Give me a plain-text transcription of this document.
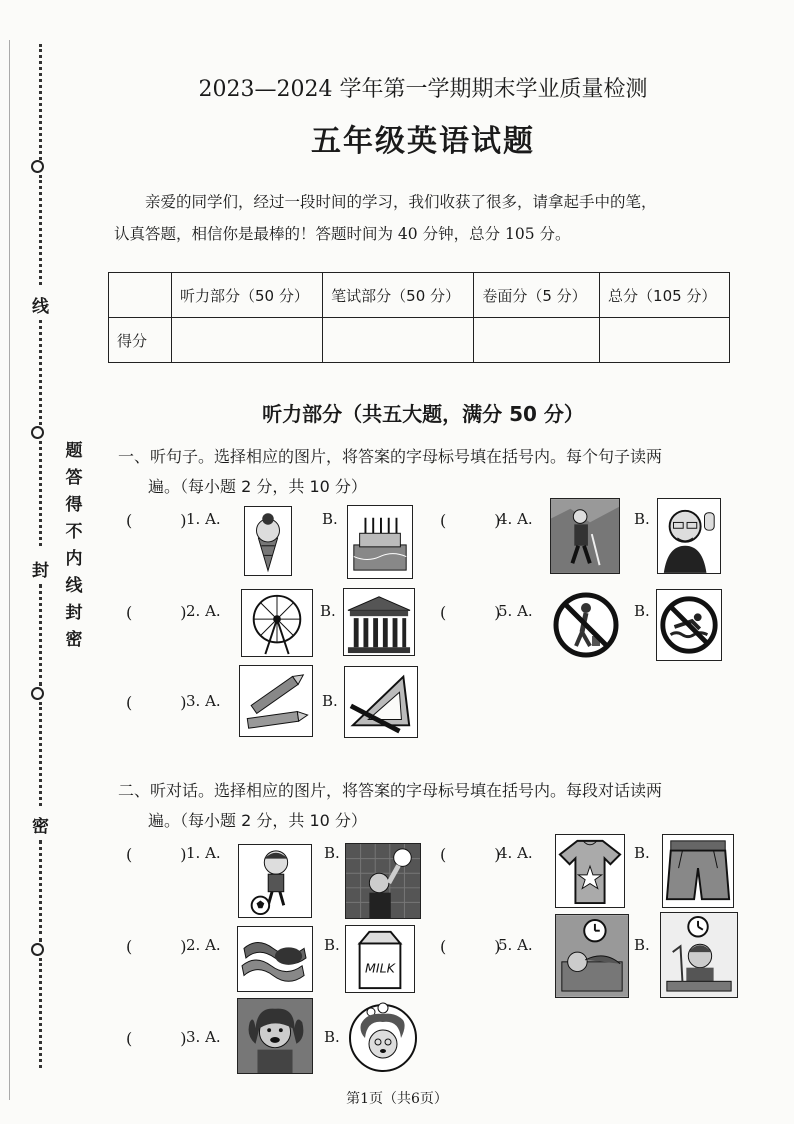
线
封
密
题
答
得
不
内
线
封
密
2023—2024 学年第一学期期末学业质量检测
五年级英语试题
亲爱的同学们，经过一段时间的学习，我们收获了很多，请拿起手中的笔，
认真答题，相信你是最棒的！答题时间为 40 分钟，总分 105 分。
	听力部分（50 分）	笔试部分（50 分）	卷面分（5 分）	总分（105 分）
得分				
听力部分（共五大题，满分 50 分）
一、听句子。选择相应的图片，将答案的字母标号填在括号内。每个句子读两
遍。（每小题 2 分，共 10 分）
二、听对话。选择相应的图片，将答案的字母标号填在括号内。每段对话读两
遍。（每小题 2 分，共 10 分）
(　　　) 1. A.	B.
(　　　) 2. A.	B.
(　　　) 3. A.	B.
(　　　)
4. A.	B.
(　　　)
5. A.	B.
(　　　) 1. A.	B.
(　　　) 2. A.	B.
MILK
(　　　) 3. A.	B.
(　　　)
4. A.	B.
(　　　)
5. A.	B.
第1页（共6页）
